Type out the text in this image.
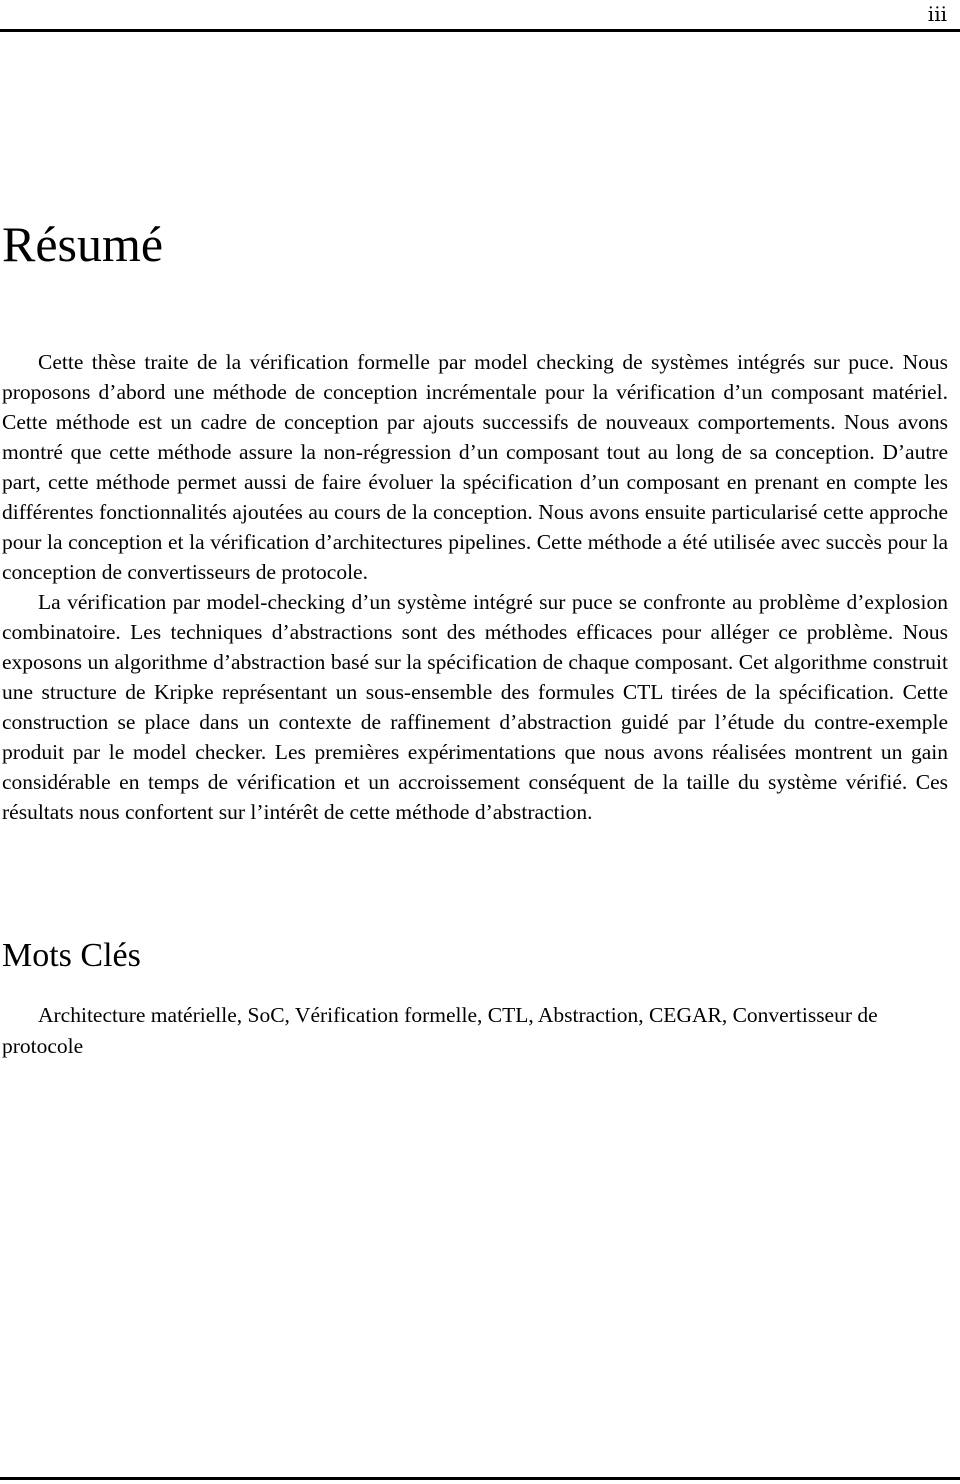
iii
Résumé

Cette thèse traite de la vérification formelle par model checking de systèmes intégrés sur puce. Nous proposons d’abord une méthode de conception incrémentale pour la vérification d’un composant matériel. Cette méthode est un cadre de conception par ajouts successifs de nouveaux comportements. Nous avons montré que cette méthode assure la non-régression d’un composant tout au long de sa conception. D’autre part, cette méthode permet aussi de faire évoluer la spécification d’un composant en prenant en compte les différentes fonctionnalités ajoutées au cours de la conception. Nous avons ensuite particularisé cette approche pour la conception et la vérification d’architectures pipelines. Cette méthode a été utilisée avec succès pour la conception de convertisseurs de protocole.

La vérification par model-checking d’un système intégré sur puce se confronte au problème d’explosion combinatoire. Les techniques d’abstractions sont des méthodes efficaces pour alléger ce problème. Nous exposons un algorithme d’abstraction basé sur la spécification de chaque composant. Cet algorithme construit une structure de Kripke représentant un sous-ensemble des formules CTL tirées de la spécification. Cette construction se place dans un contexte de raffinement d’abstraction guidé par l’étude du contre-exemple produit par le model checker. Les premières expérimentations que nous avons réalisées montrent un gain considérable en temps de vérification et un accroissement conséquent de la taille du système vérifié. Ces résultats nous confortent sur l’intérêt de cette méthode d’abstraction.

Mots Clés

Architecture matérielle, SoC, Vérification formelle, CTL, Abstraction, CEGAR, Convertisseur de protocole
